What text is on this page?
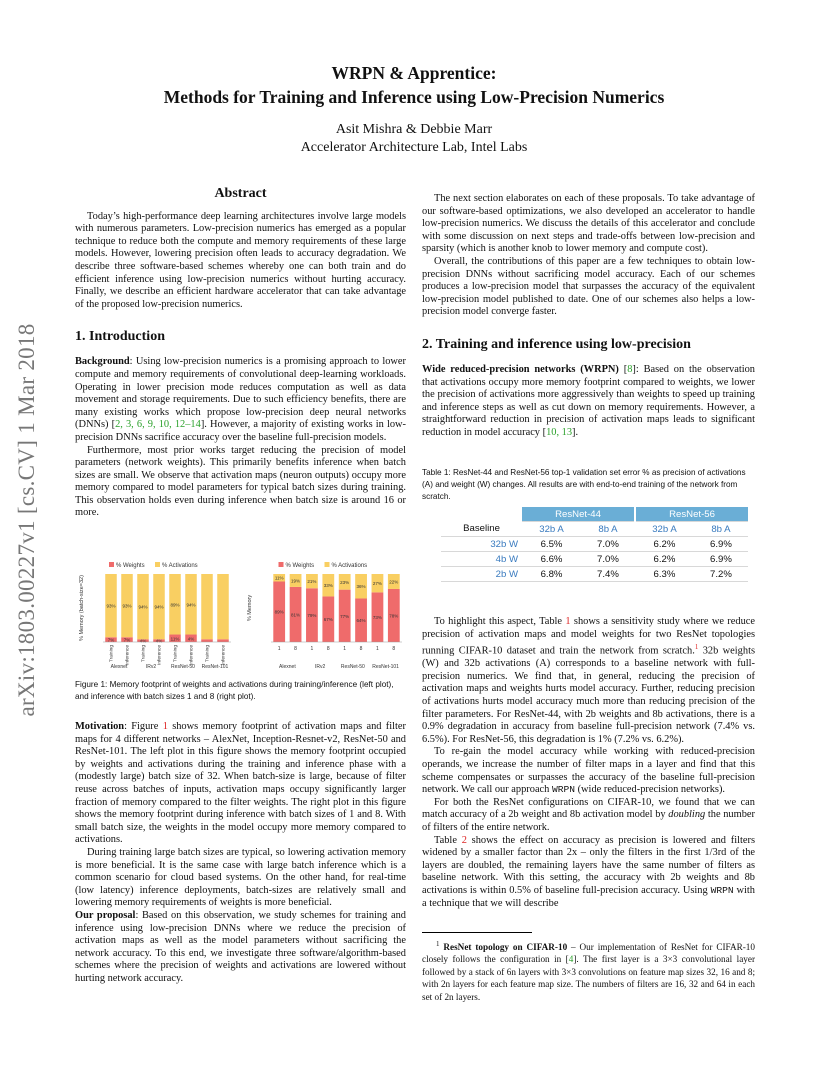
WRPN & Apprentice:
Methods for Training and Inference using Low-Precision Numerics
Asit Mishra & Debbie Marr
Accelerator Architecture Lab, Intel Labs
arXiv:1803.00227v1 [cs.CV] 1 Mar 2018
Abstract

Today’s high-performance deep learning architectures involve large models with numerous parameters. Low-precision numerics has emerged as a popular technique to reduce both the compute and memory requirements of these large models. However, lowering precision often leads to accuracy degradation. We describe three software-based schemes whereby one can both train and do efficient inference using low-precision numerics without hurting accuracy. Finally, we describe an efficient hardware accelerator that can take advantage of the proposed low-precision numerics.

1. Introduction

Background: Using low-precision numerics is a promising approach to lower compute and memory requirements of convolutional deep-learning workloads. Operating in lower precision mode reduces computation as well as data movement and storage requirements. Due to such efficiency benefits, there are many existing works which propose low-precision deep neural networks (DNNs) [2, 3, 6, 9, 10, 12–14]. However, a majority of existing works in low-precision DNNs sacrifice accuracy over the baseline full-precision models.

Furthermore, most prior works target reducing the precision of model parameters (network weights). This primarily benefits inference when batch sizes are small. We observe that activation maps (neuron outputs) occupy more memory compared to model parameters for typical batch sizes during training. This observation holds even during inference when batch size is around 16 or more.

% Weights	% Activations
% Memory (batch-size=32)	7%
93%
Training
7%
93%
Inference
4%
94%
Training
4%
94%
Inference
11%
89%
Training
4%
94%
Inference Training Inference
Alexnet	IRv2	ResNet-50 ResNet-101
% Weights	% Activations
% Memory	89%
11%
1
81%
19%
8
79%
21%
1
67%
33%
8
77%
23%
1
64%
36%
8
73%
27%
1
78%
22%
8
Alexnet	IRv2	ResNet-50 ResNet-101
Figure 1: Memory footprint of weights and activations during training/inference (left plot), and inference with batch sizes 1 and 8 (right plot).

Motivation: Figure 1 shows memory footprint of activation maps and filter maps for 4 different networks – AlexNet, Inception-Resnet-v2, ResNet-50 and ResNet-101. The left plot in this figure shows the memory footprint occupied by weights and activations during the training and inference phase with a (modestly large) batch size of 32. When batch-size is large, because of filter reuse across batches of inputs, activation maps occupy significantly larger fraction of memory compared to the filter weights. The right plot in this figure shows the memory footprint during inference with batch sizes of 1 and 8. With small batch size, the weights in the model occupy more memory compared to activations.

During training large batch sizes are typical, so lowering activation memory is more beneficial. It is the same case with large batch inference which is a common scenario for cloud based systems. On the other hand, for real-time (low latency) inference deployments, batch-sizes are relatively small and lowering memory requirements of weights is more beneficial.

Our proposal: Based on this observation, we study schemes for training and inference using low-precision DNNs where we reduce the precision of activation maps as well as the model parameters without sacrificing the network accuracy. To this end, we investigate three software/algorithm-based schemes where the precision of weights and activations are lowered without hurting network accuracy.

The next section elaborates on each of these proposals. To take advantage of our software-based optimizations, we also developed an accelerator to handle low-precision numerics. We discuss the details of this accelerator and conclude with some discussion on next steps and trade-offs between low-precision and sparsity (which is another knob to lower memory and compute cost).

Overall, the contributions of this paper are a few techniques to obtain low-precision DNNs without sacrificing model accuracy. Each of our schemes produces a low-precision model that surpasses the accuracy of the equivalent low-precision model published to date. One of our schemes also helps a low-precision model converge faster.

2. Training and inference using low-precision

Wide reduced-precision networks (WRPN) [8]: Based on the observation that activations occupy more memory footprint compared to weights, we lower the precision of activations more aggressively than weights to speed up training and inference steps as well as cut down on memory requirements. However, a straightforward reduction in precision of activation maps leads to significant reduction in model accuracy [10, 13].

Table 1: ResNet-44 and ResNet-56 top-1 validation set error % as precision of activations (A) and weight (W) changes. All results are with end-to-end training of the network from scratch.
	ResNet-44		ResNet-56	
Baseline	32b A	8b A	32b A	8b A
32b W	6.5%	7.0%	6.2%	6.9%
4b W	6.6%	7.0%	6.2%	6.9%
2b W	6.8%	7.4%	6.3%	7.2%

To highlight this aspect, Table 1 shows a sensitivity study where we reduce precision of activation maps and model weights for two ResNet topologies running CIFAR-10 dataset and train the network from scratch.$^1$ 32b weights (W) and 32b activations (A) corresponds to a baseline network with full-precision numerics. We find that, in general, reducing the precision of activation maps and weights hurts model accuracy. Further, reducing precision of activations hurts model accuracy much more than reducing precision of the filter parameters. For ResNet-44, with 2b weights and 8b activations, there is a 0.9% degradation in accuracy from baseline full-precision network (7.4% vs. 6.5%). For ResNet-56, this degradation is 1% (7.2% vs. 6.2%).

To re-gain the model accuracy while working with reduced-precision operands, we increase the number of filter maps in a layer and find that this scheme compensates or surpasses the accuracy of the baseline full-precision network. We call our approach WRPN (wide reduced-precision networks).

For both the ResNet configurations on CIFAR-10, we found that we can match accuracy of a 2b weight and 8b activation model by doubling the number of filters of the entire network.

Table 2 shows the effect on accuracy as precision is lowered and filters widened by a smaller factor than 2x – only the filters in the first 1/3rd of the layers are doubled, the remaining layers have the same number of filters as baseline network. With this setting, the accuracy with 2b weights and 8b activations is within 0.5% of baseline full-precision accuracy. Using WRPN with a technique that we will describe

$^1$ ResNet topology on CIFAR-10 – Our implementation of ResNet for CIFAR-10 closely follows the configuration in [4]. The first layer is a 3×3 convolutional layer followed by a stack of 6n layers with 3×3 convolutions on feature map sizes 32, 16 and 8; with 2n layers for each feature map size. The numbers of filters are 16, 32 and 64 in each set of 2n layers.
